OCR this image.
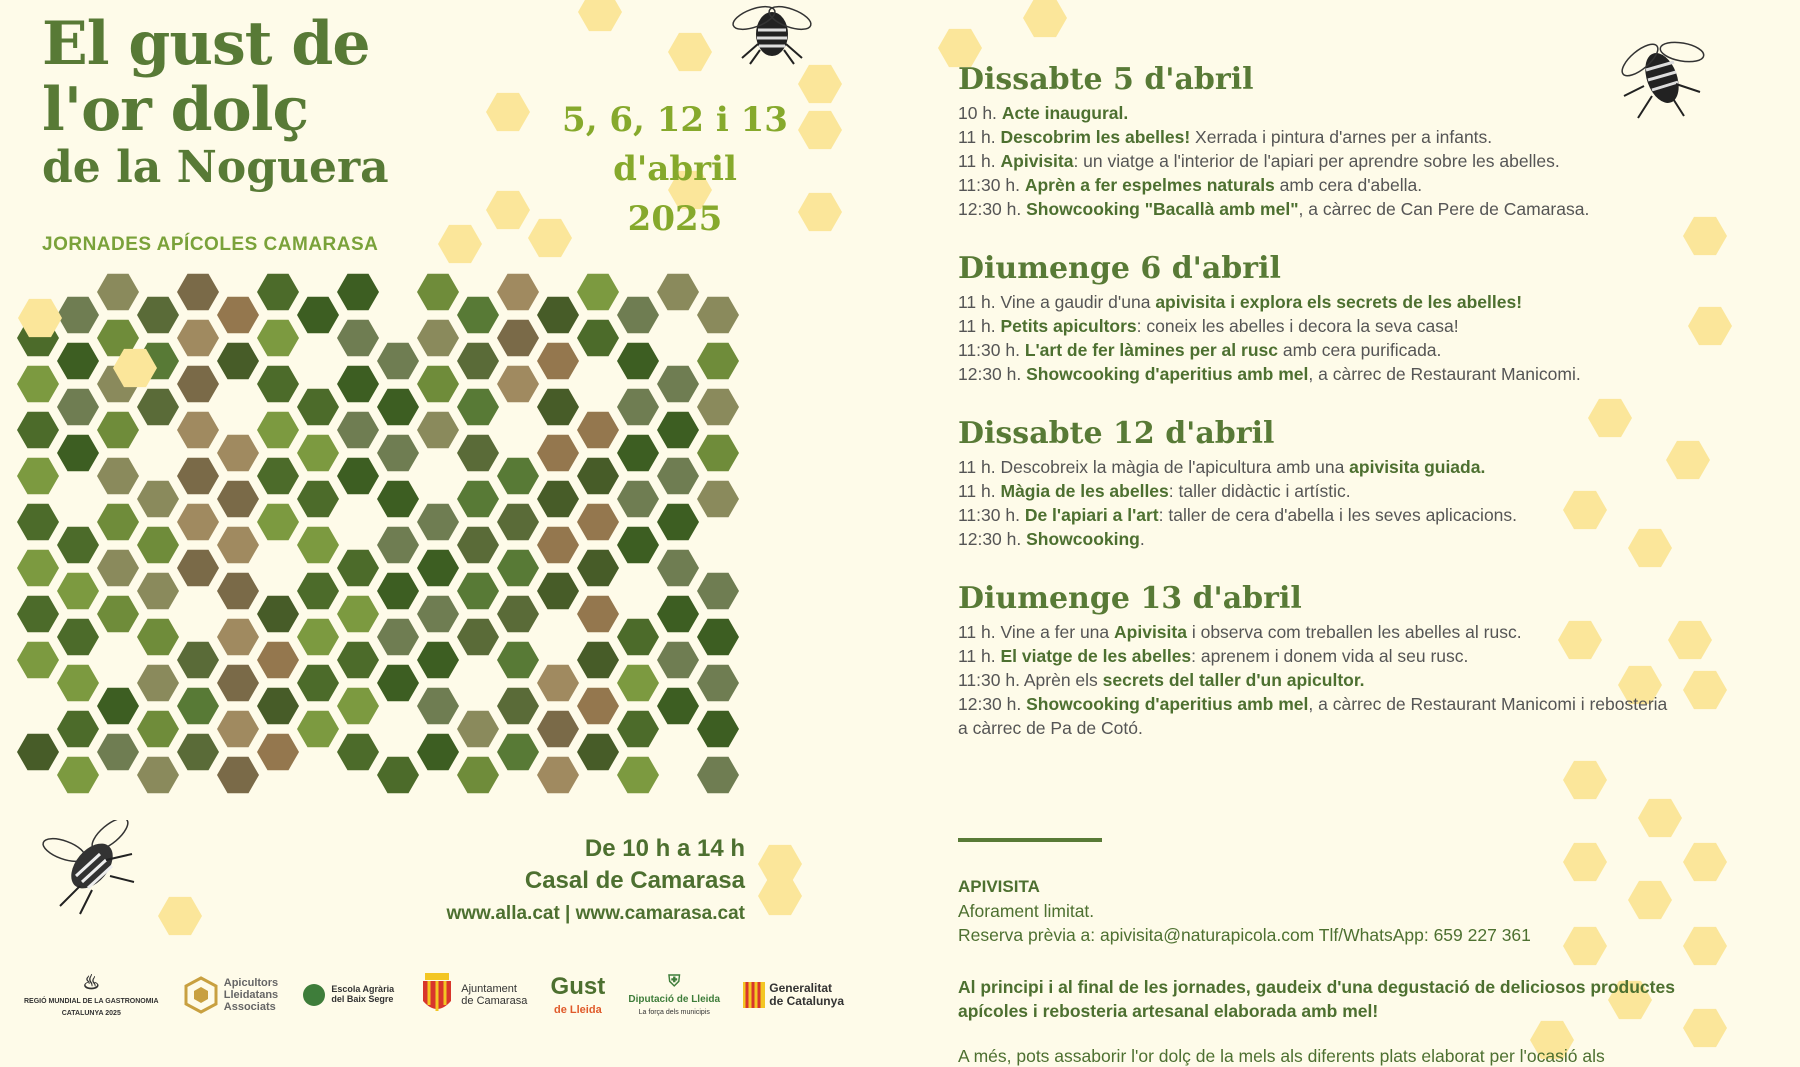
El gust de
l'or dolç
de la Noguera
JORNADES APÍCOLES CAMARASA
5, 6, 12 i 13
d'abril 2025
De 10 h a 14 h
Casal de Camarasa
www.alla.cat | www.camarasa.cat
♨
REGIÓ MUNDIAL DE LA GASTRONOMIA
CATALUNYA 2025
Apicultors
Lleidatans
Associats
Escola Agrària
del Baix Segre
Ajuntament
de Camarasa
Gust
de Lleida
⛨
Diputació de Lleida
La força dels municipis
Generalitat
de Catalunya
Dissabte 5 d'abril

10 h. Acte inaugural.

11 h. Descobrim les abelles! Xerrada i pintura d'arnes per a infants.

11 h. Apivisita: un viatge a l'interior de l'apiari per aprendre sobre les abelles.

11:30 h. Aprèn a fer espelmes naturals amb cera d'abella.

12:30 h. Showcooking "Bacallà amb mel", a càrrec de Can Pere de Camarasa.

Diumenge 6 d'abril

11 h. Vine a gaudir d'una apivisita i explora els secrets de les abelles!

11 h. Petits apicultors: coneix les abelles i decora la seva casa!

11:30 h. L'art de fer làmines per al rusc amb cera purificada.

12:30 h. Showcooking d'aperitius amb mel, a càrrec de Restaurant Manicomi.

Dissabte 12 d'abril

11 h. Descobreix la màgia de l'apicultura amb una apivisita guiada.

11 h. Màgia de les abelles: taller didàctic i artístic.

11:30 h. De l'apiari a l'art: taller de cera d'abella i les seves aplicacions.

12:30 h. Showcooking.

Diumenge 13 d'abril

11 h. Vine a fer una Apivisita i observa com treballen les abelles al rusc.

11 h. El viatge de les abelles: aprenem i donem vida al seu rusc.

11:30 h. Aprèn els secrets del taller d'un apicultor.

12:30 h. Showcooking d'aperitius amb mel, a càrrec de Restaurant Manicomi i rebosteria a càrrec de Pa de Cotó.

APIVISITA
Aforament limitat.
Reserva prèvia a: apivisita@naturapicola.com Tlf/WhatsApp: 659 227 361
Al principi i al final de les jornades, gaudeix d'una degustació de deliciosos productes apícoles i rebosteria artesanal elaborada amb mel!
A més, pots assaborir l'or dolç de la mels als diferents plats elaborat per l'ocasió als
